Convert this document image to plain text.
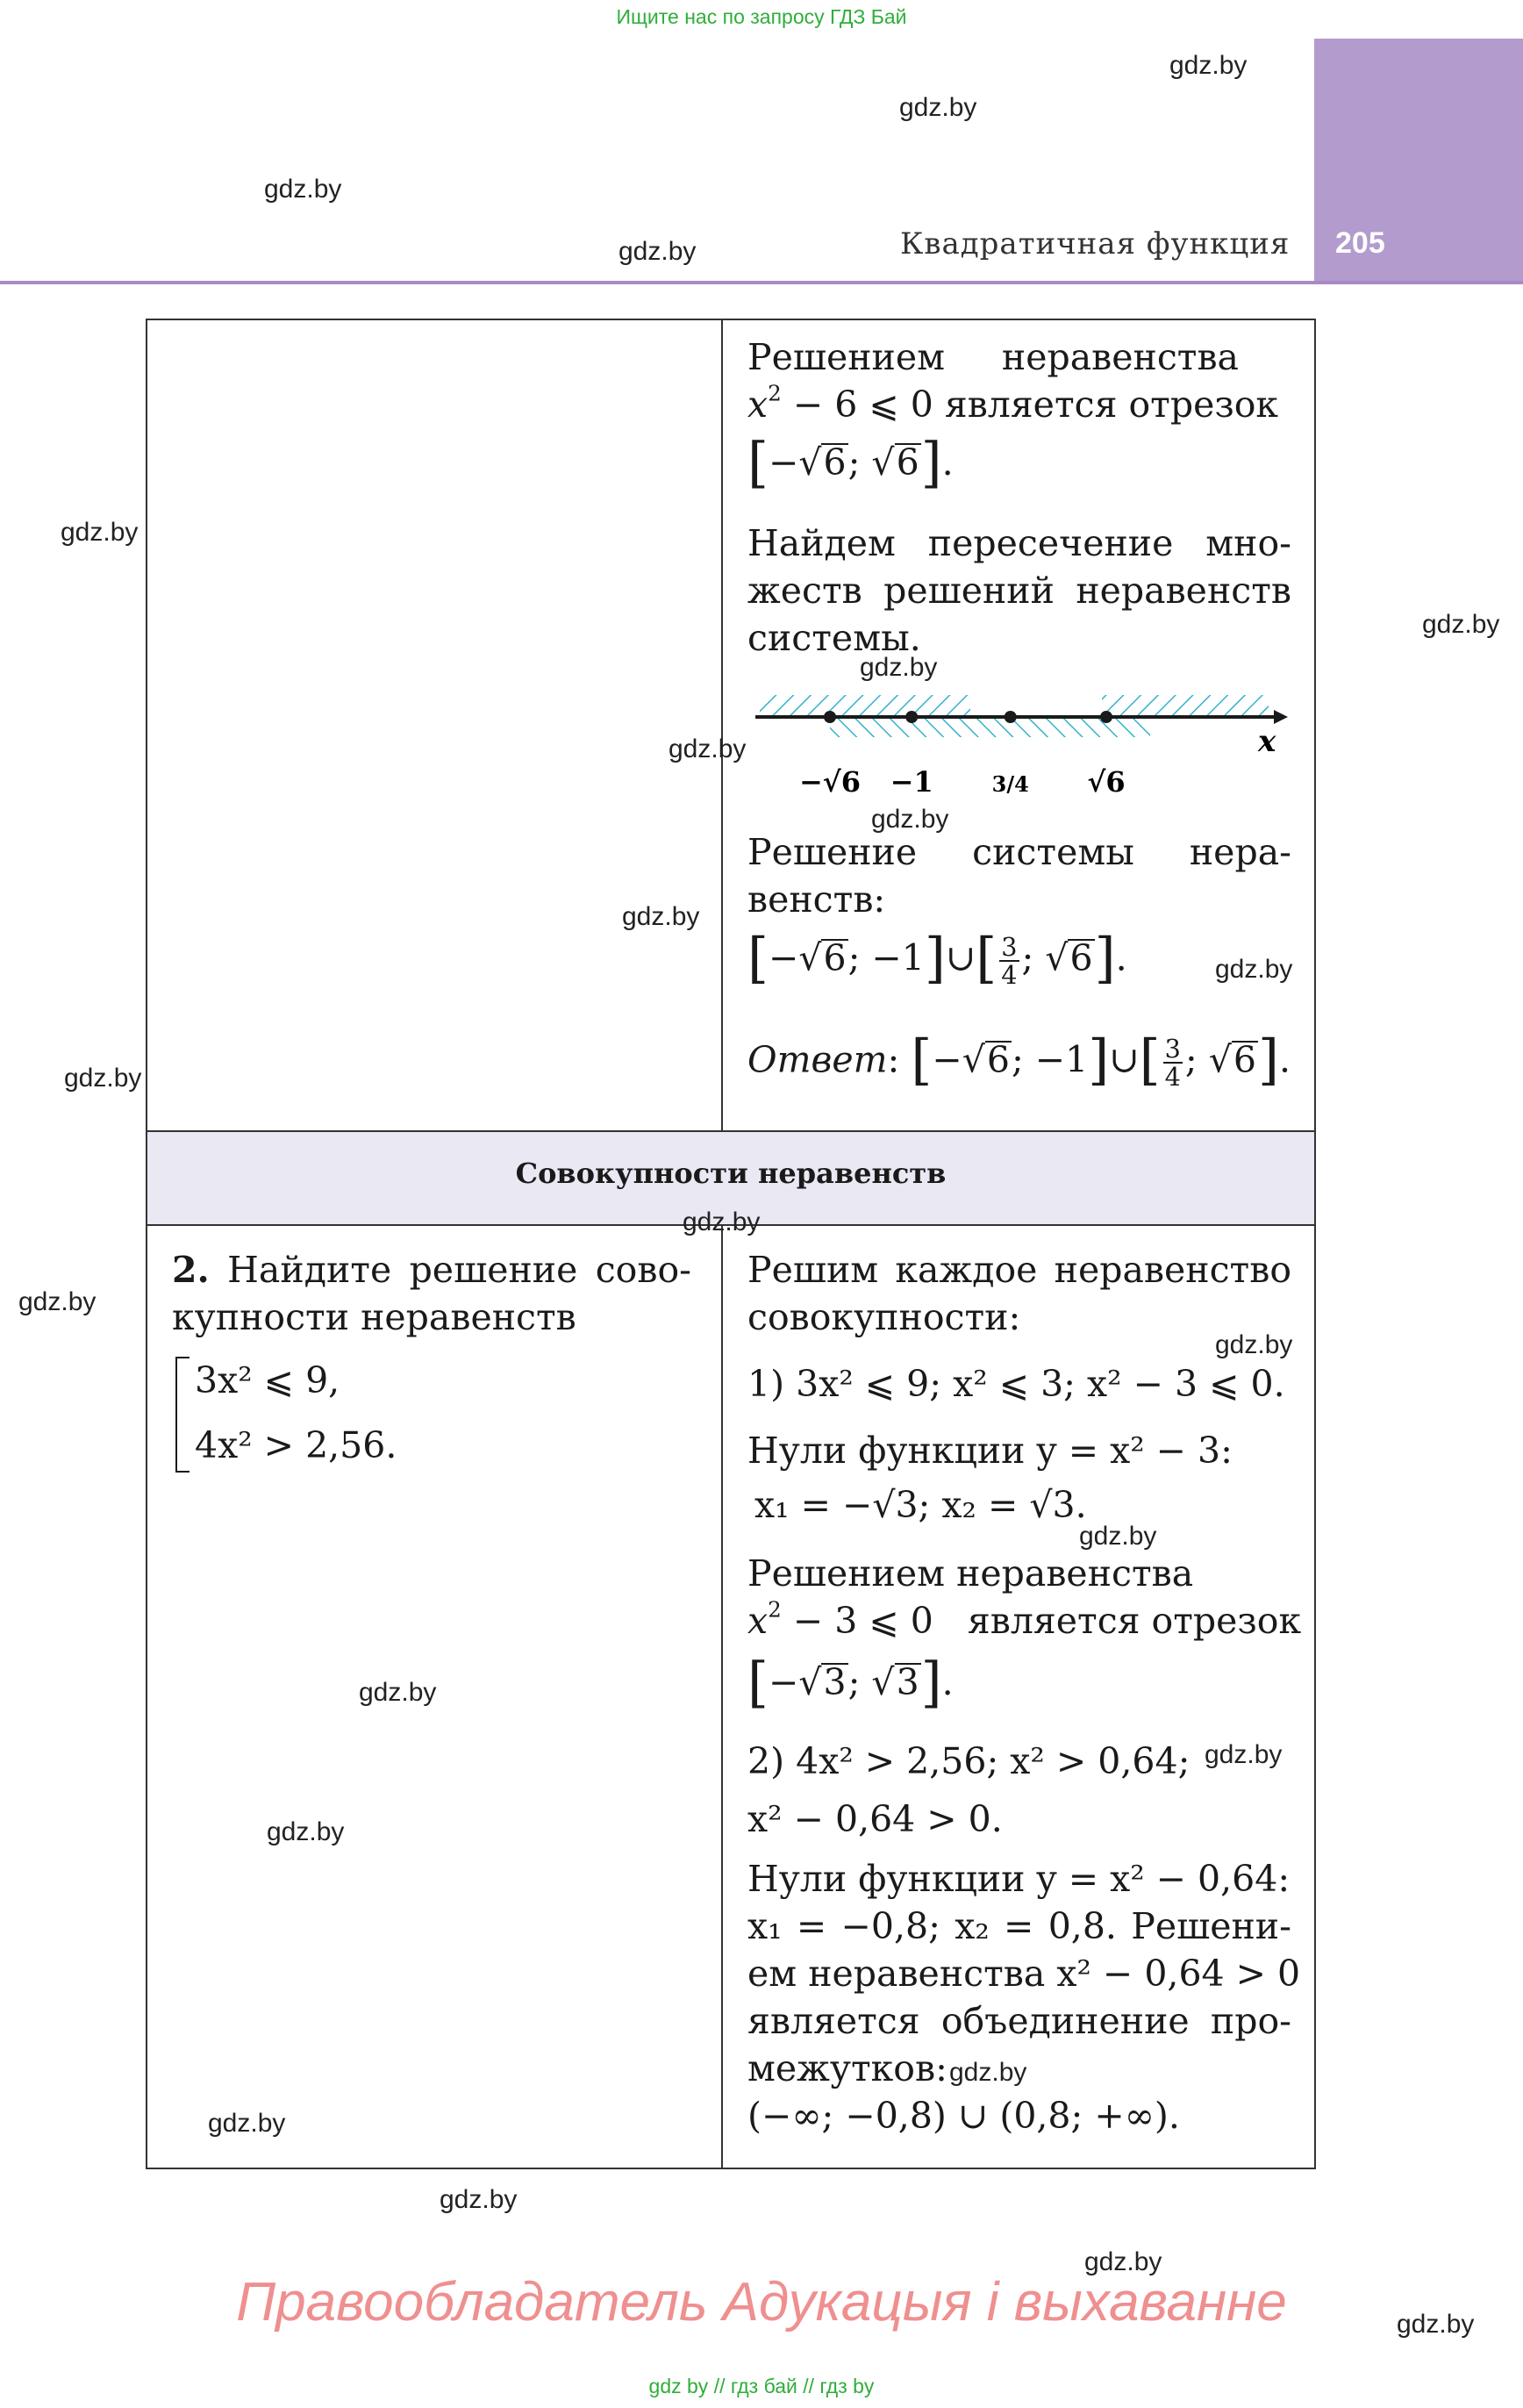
Ищите нас по запросу ГДЗ Бай
205
Квадратичная функция
gdz.by
gdz.by
gdz.by
gdz.by
gdz.by
gdz.by
Совокупности неравенств
Решением неравенства
$x^2 - 6$ ⩽ 0 является отрезок
[−√6; √6].
Найдем пересечение мно-
жеств решений неравенств
системы.
−√6 −1	3/4 √6
x
Решение системы нера-
венств:
[−√6; −1]∪[ $\frac{3}{4}$ ; √6].
Ответ: [−√6; −1]∪[ $\frac{3}{4}$ ; √6].
2. Найдите решение сово-
купности неравенств
3x² ⩽ 9,
4x² > 2,56.
Решим каждое неравенство
совокупности:
1) 3x² ⩽ 9; x² ⩽ 3; x² − 3 ⩽ 0.
Нули функции y = x² − 3:
x₁ = −√3; x₂ = √3.
Решением неравенства
$x^2 - 3$ ⩽ 0   является отрезок
[−√3; √3].
2) 4x² > 2,56; x² > 0,64;
x² − 0,64 > 0.
Нули функции y = x² − 0,64:
x₁ = −0,8; x₂ = 0,8. Решени-
ем неравенства x² − 0,64 > 0
является объединение про-
межутков:
(−∞; −0,8) ∪ (0,8; +∞).
gdz.by
gdz.by
gdz.by
gdz.by
gdz.by
gdz.by
gdz.by
gdz.by
gdz.by
gdz.by
gdz.by
gdz.by
gdz.by
gdz.by
gdz.by
gdz.by
gdz.by
gdz.by
Правообладатель Адукацыя і выхаванне
gdz by // гдз бай // гдз by
